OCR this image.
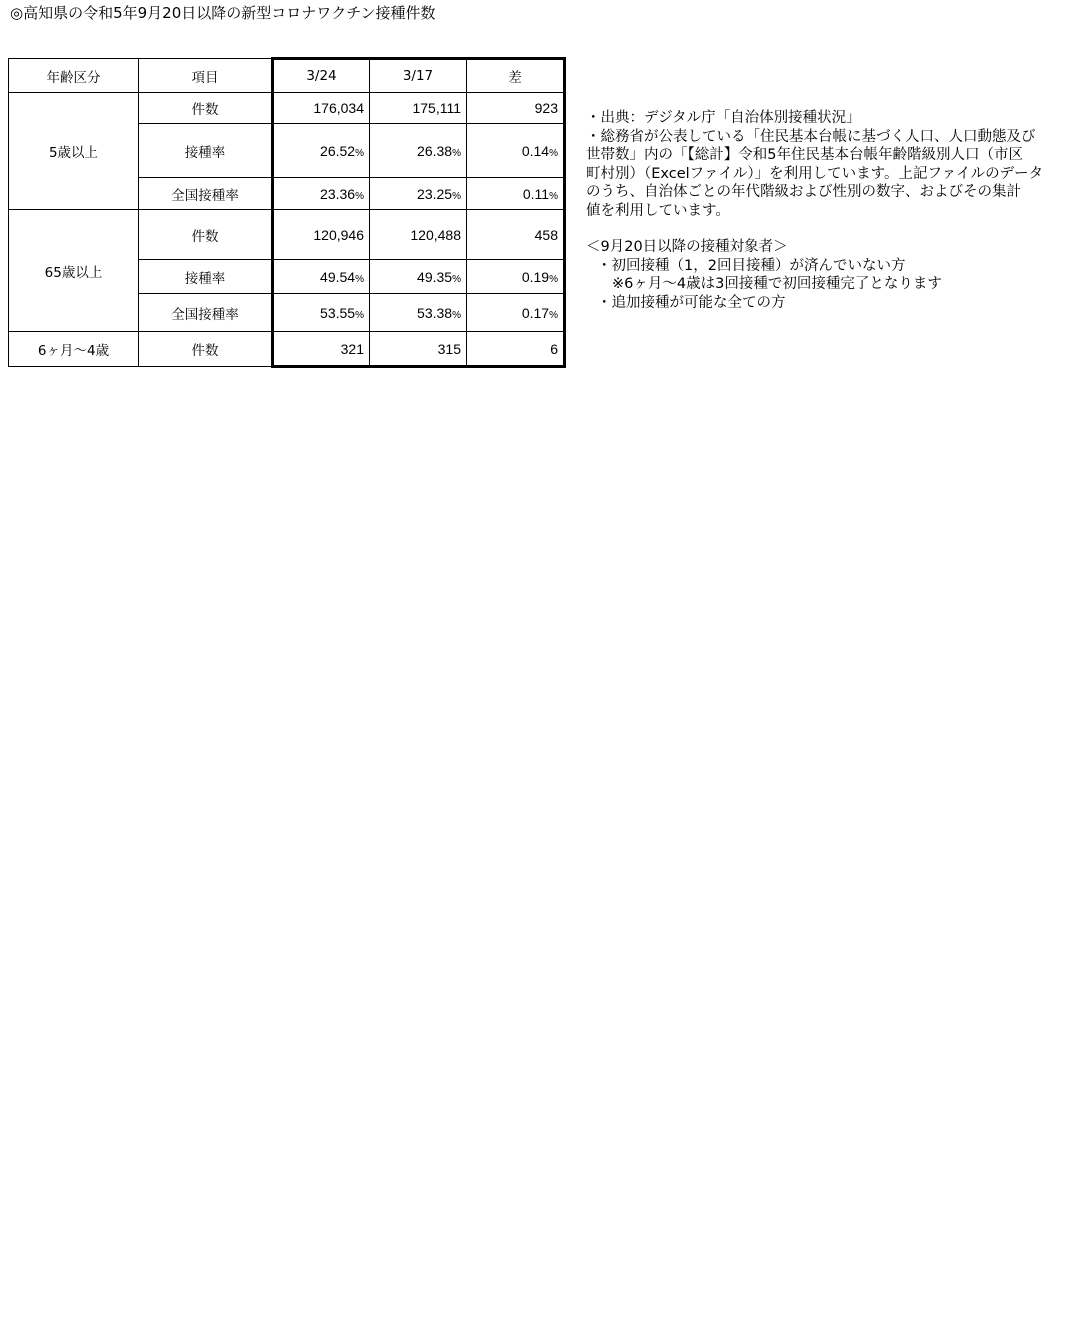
◎高知県の令和5年9月20日以降の新型コロナワクチン接種件数
年齢区分	項目	3/24	3/17	差
5歳以上	件数	176,034	175,111	923
	接種率	26.52%	26.38%	0.14%
	全国接種率	23.36%	23.25%	0.11%
65歳以上	件数	120,946	120,488	458
	接種率	49.54%	49.35%	0.19%
	全国接種率	53.55%	53.38%	0.17%
6ヶ月～4歳	件数	321	315	6

・出典：デジタル庁「自治体別接種状況」

・総務省が公表している「住民基本台帳に基づく人口、人口動態及び

世帯数」内の「【総計】令和5年住民基本台帳年齢階級別人口（市区

町村別）（Excelファイル）」を利用しています。上記ファイルのデータ

のうち、自治体ごとの年代階級および性別の数字、およびその集計

値を利用しています。

＜9月20日以降の接種対象者＞

・初回接種（1，2回目接種）が済んでいない方

※6ヶ月～4歳は3回接種で初回接種完了となります

・追加接種が可能な全ての方
